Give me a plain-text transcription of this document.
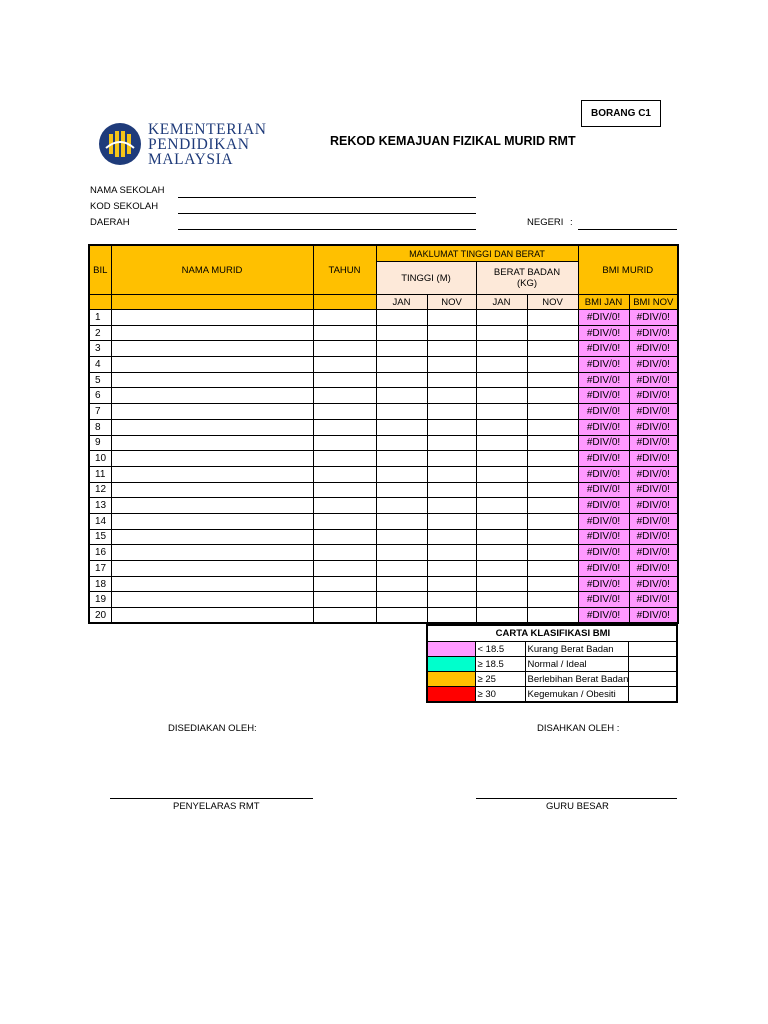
KEMENTERIAN
PENDIDIKAN
MALAYSIA
BORANG C1
REKOD KEMAJUAN FIZIKAL MURID RMT
NAMA SEKOLAH
KOD SEKOLAH
DAERAH	NEGERI :
BIL	NAMA MURID	TAHUN	MAKLUMAT TINGGI DAN BERAT				BMI MURID	
			TINGGI (M)		BERAT BADAN
(KG)			

			JAN	NOV	JAN	NOV	BMI JAN	BMI NOV
1							#DIV/0!	#DIV/0!
2							#DIV/0!	#DIV/0!
3							#DIV/0!	#DIV/0!
4							#DIV/0!	#DIV/0!
5							#DIV/0!	#DIV/0!
6							#DIV/0!	#DIV/0!
7							#DIV/0!	#DIV/0!
8							#DIV/0!	#DIV/0!
9							#DIV/0!	#DIV/0!
10							#DIV/0!	#DIV/0!
11							#DIV/0!	#DIV/0!
12							#DIV/0!	#DIV/0!
13							#DIV/0!	#DIV/0!
14							#DIV/0!	#DIV/0!
15							#DIV/0!	#DIV/0!
16							#DIV/0!	#DIV/0!
17							#DIV/0!	#DIV/0!
18							#DIV/0!	#DIV/0!
19							#DIV/0!	#DIV/0!
20							#DIV/0!	#DIV/0!
CARTA KLASIFIKASI BMI			
	< 18.5	Kurang Berat Badan	
	≥ 18.5	Normal / Ideal	
	≥ 25	Berlebihan Berat Badan	
	≥ 30	Kegemukan / Obesiti	
DISEDIAKAN OLEH:	DISAHKAN OLEH :
PENYELARAS RMT	GURU BESAR
